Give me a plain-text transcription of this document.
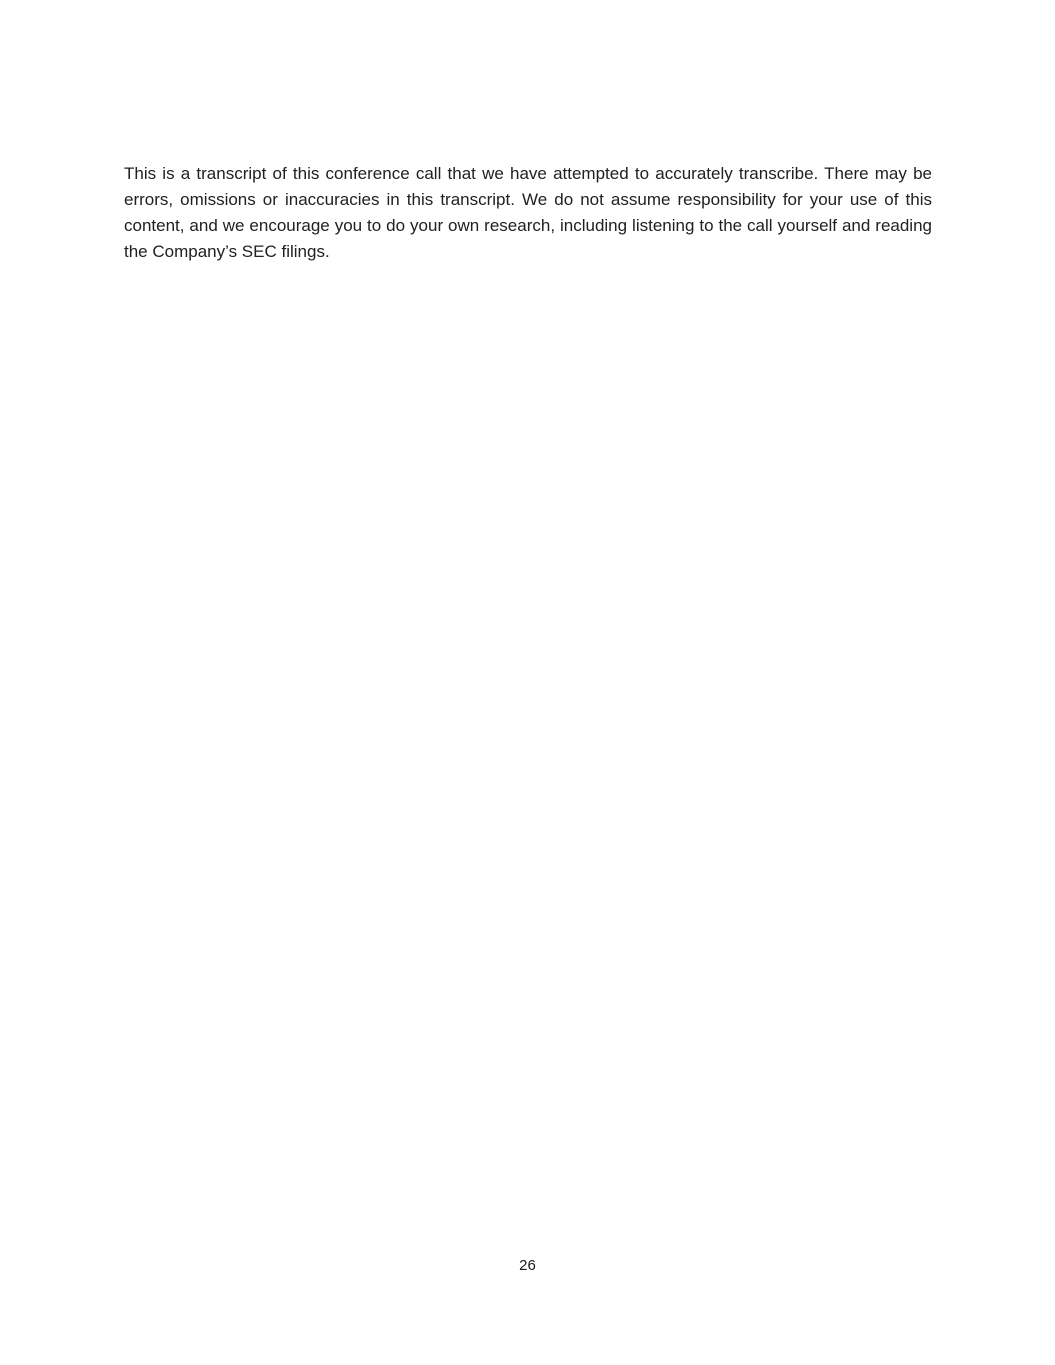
This is a transcript of this conference call that we have attempted to accurately transcribe. There may be errors, omissions or inaccuracies in this transcript. We do not assume responsibility for your use of this content, and we encourage you to do your own research, including listening to the call yourself and reading the Company’s SEC filings.

26
